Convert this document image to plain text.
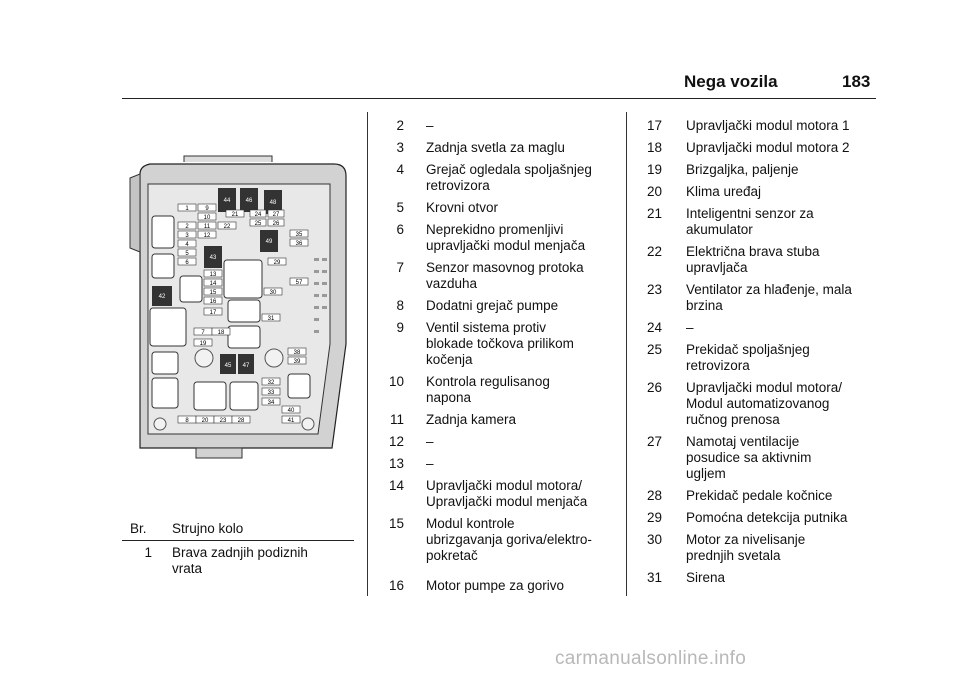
Nega vozila	183
44	46	48
1	9
10	21	24 27
25 26
2	11 22
3 12	35
36
49
4
43
5
6
13
29
57
14
15	30
16
42
17
31
7 18
19
38
39
45 47
32
33
34
40
41
8 20 23 28
Br. Strujno kolo
1 Brava zadnjih podiznih
vrata
2 –
3 Zadnja svetla za maglu
4 Grejač ogledala spoljašnjeg
retrovizora
5 Krovni otvor
6 Neprekidno promenljivi
upravljački modul menjača
7 Senzor masovnog protoka
vazduha
8 Dodatni grejač pumpe
9 Ventil sistema protiv
blokade točkova prilikom
kočenja
10 Kontrola regulisanog
napona
11 Zadnja kamera
12 –
13 –
14 Upravljački modul motora/
Upravljački modul menjača
15 Modul kontrole
ubrizgavanja goriva/elektro-
pokretač
16 Motor pumpe za gorivo
17 Upravljački modul motora 1
18 Upravljački modul motora 2
19 Brizgaljka, paljenje
20 Klima uređaj
21 Inteligentni senzor za
akumulator
22 Električna brava stuba
upravljača
23 Ventilator za hlađenje, mala
brzina
24 –
25 Prekidač spoljašnjeg
retrovizora
26 Upravljački modul motora/
Modul automatizovanog
ručnog prenosa
27 Namotaj ventilacije
posudice sa aktivnim
ugljem
28 Prekidač pedale kočnice
29 Pomoćna detekcija putnika
30 Motor za nivelisanje
prednjih svetala
31 Sirena
carmanualsonline.info
